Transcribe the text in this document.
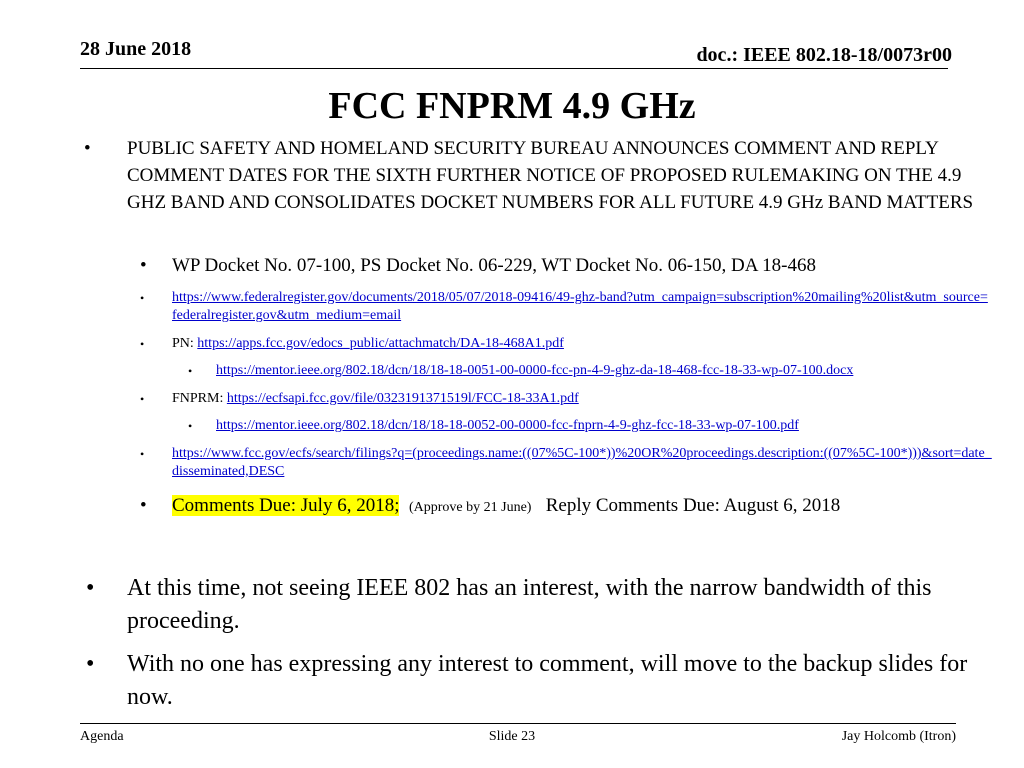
28 June 2018	doc.: IEEE 802.18-18/0073r00
FCC FNPRM 4.9 GHz
• PUBLIC SAFETY AND HOMELAND SECURITY BUREAU ANNOUNCES COMMENT AND REPLY COMMENT DATES FOR THE SIXTH FURTHER NOTICE OF PROPOSED RULEMAKING ON THE 4.9 GHZ BAND AND CONSOLIDATES DOCKET NUMBERS FOR ALL FUTURE 4.9 GHz BAND MATTERS
• WP Docket No. 07-100, PS Docket No. 06-229, WT Docket No. 06-150, DA 18-468
• https://www.federalregister.gov/documents/2018/05/07/2018-09416/49-ghz-band?utm_campaign=subscription%20mailing%20list&utm_source=federalregister.gov&utm_medium=email
• PN: https://apps.fcc.gov/edocs_public/attachmatch/DA-18-468A1.pdf
• https://mentor.ieee.org/802.18/dcn/18/18-18-0051-00-0000-fcc-pn-4-9-ghz-da-18-468-fcc-18-33-wp-07-100.docx
• FNPRM: https://ecfsapi.fcc.gov/file/0323191371519l/FCC-18-33A1.pdf
• https://mentor.ieee.org/802.18/dcn/18/18-18-0052-00-0000-fcc-fnprn-4-9-ghz-fcc-18-33-wp-07-100.pdf
• https://www.fcc.gov/ecfs/search/filings?q=(proceedings.name:((07%5C-100*))%20OR%20proceedings.description:((07%5C-100*)))&sort=date_disseminated,DESC
• Comments Due: July 6, 2018; (Approve by 21 June) Reply Comments Due: August 6, 2018
• At this time, not seeing IEEE 802 has an interest, with the narrow bandwidth of this proceeding.
• With no one has expressing any interest to comment, will move to the backup slides for now.
Agenda	Slide 23	Jay Holcomb (Itron)
